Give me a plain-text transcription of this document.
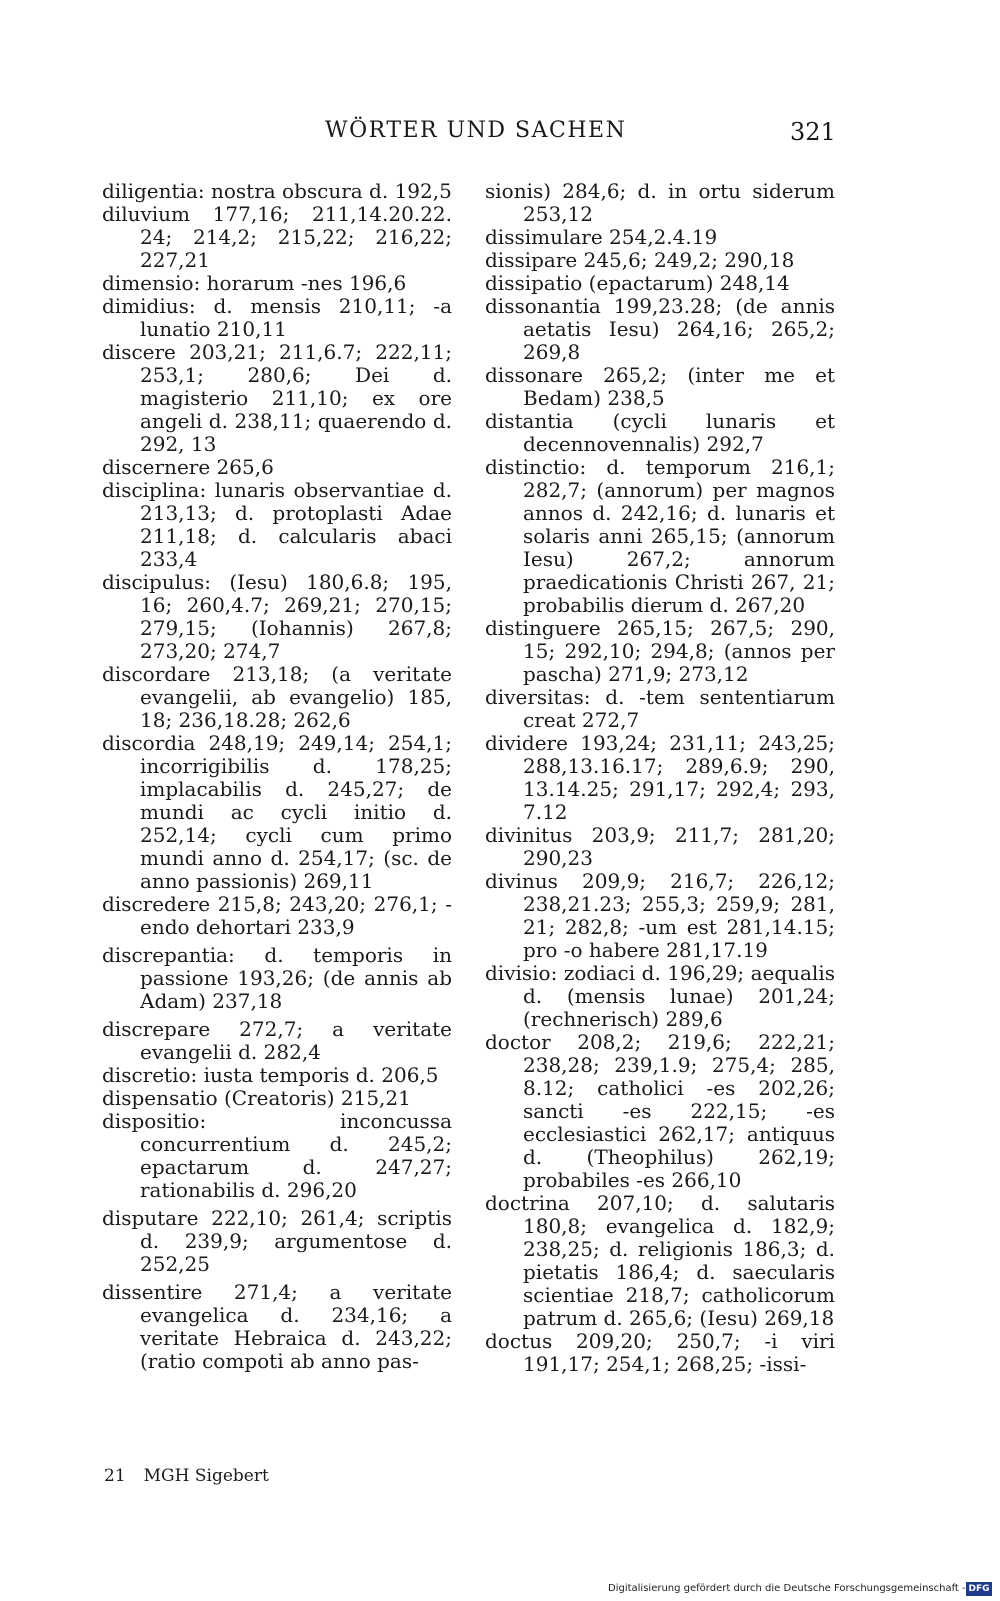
WÖRTER UND SACHEN	321

diligentia: nostra obscura d. 192,5

diluvium 177,16; 211,14.20.22. 24; 214,2; 215,22; 216,22; 227,21

dimensio: horarum -nes 196,6

dimidius: d. mensis 210,11; -a lunatio 210,11

discere 203,21; 211,6.7; 222,11; 253,1; 280,6; Dei d. magisterio 211,10; ex ore angeli d. 238,11; quaerendo d. 292, 13

discernere 265,6

disciplina: lunaris observantiae d. 213,13; d. protoplasti Adae 211,18; d. calcularis abaci 233,4

discipulus: (Iesu) 180,6.8; 195, 16; 260,4.7; 269,21; 270,15; 279,15; (Iohannis) 267,8; 273,20; 274,7

discordare 213,18; (a veritate evangelii, ab evangelio) 185, 18; 236,18.28; 262,6

discordia 248,19; 249,14; 254,1; incorrigibilis d. 178,25; implacabilis d. 245,27; de mundi ac cycli initio d. 252,14; cycli cum primo mundi anno d. 254,17; (sc. de anno passionis) 269,11

discredere 215,8; 243,20; 276,1; -endo dehortari 233,9

discrepantia: d. temporis in passione 193,26; (de annis ab Adam) 237,18

discrepare 272,7; a veritate evangelii d. 282,4

discretio: iusta temporis d. 206,5

dispensatio (Creatoris) 215,21

dispositio: inconcussa concurrentium d. 245,2; epactarum d. 247,27; rationabilis d. 296,20

disputare 222,10; 261,4; scriptis d. 239,9; argumentose d. 252,25

dissentire 271,4; a veritate evangelica d. 234,16; a veritate Hebraica d. 243,22; (ratio compoti ab anno pas-

sionis) 284,6; d. in ortu siderum 253,12

dissimulare 254,2.4.19

dissipare 245,6; 249,2; 290,18

dissipatio (epactarum) 248,14

dissonantia 199,23.28; (de annis aetatis Iesu) 264,16; 265,2; 269,8

dissonare 265,2; (inter me et Bedam) 238,5

distantia (cycli lunaris et decennovennalis) 292,7

distinctio: d. temporum 216,1; 282,7; (annorum) per magnos annos d. 242,16; d. lunaris et solaris anni 265,15; (annorum Iesu) 267,2; annorum praedicationis Christi 267, 21; probabilis dierum d. 267,20

distinguere 265,15; 267,5; 290, 15; 292,10; 294,8; (annos per pascha) 271,9; 273,12

diversitas: d. -tem sententiarum creat 272,7

dividere 193,24; 231,11; 243,25; 288,13.16.17; 289,6.9; 290, 13.14.25; 291,17; 292,4; 293, 7.12

divinitus 203,9; 211,7; 281,20; 290,23

divinus 209,9; 216,7; 226,12; 238,21.23; 255,3; 259,9; 281, 21; 282,8; -um est 281,14.15; pro -o habere 281,17.19

divisio: zodiaci d. 196,29; aequalis d. (mensis lunae) 201,24; (rechnerisch) 289,6

doctor 208,2; 219,6; 222,21; 238,28; 239,1.9; 275,4; 285, 8.12; catholici -es 202,26; sancti -es 222,15; -es ecclesiastici 262,17; antiquus d. (Theophilus) 262,19; probabiles -es 266,10

doctrina 207,10; d. salutaris 180,8; evangelica d. 182,9; 238,25; d. religionis 186,3; d. pietatis 186,4; d. saecularis scientiae 218,7; catholicorum patrum d. 265,6; (Iesu) 269,18

doctus 209,20; 250,7; -i viri 191,17; 254,1; 268,25; -issi-

21 MGH Sigebert
Digitalisierung gefördert durch die Deutsche Forschungsgemeinschaft - DFG
